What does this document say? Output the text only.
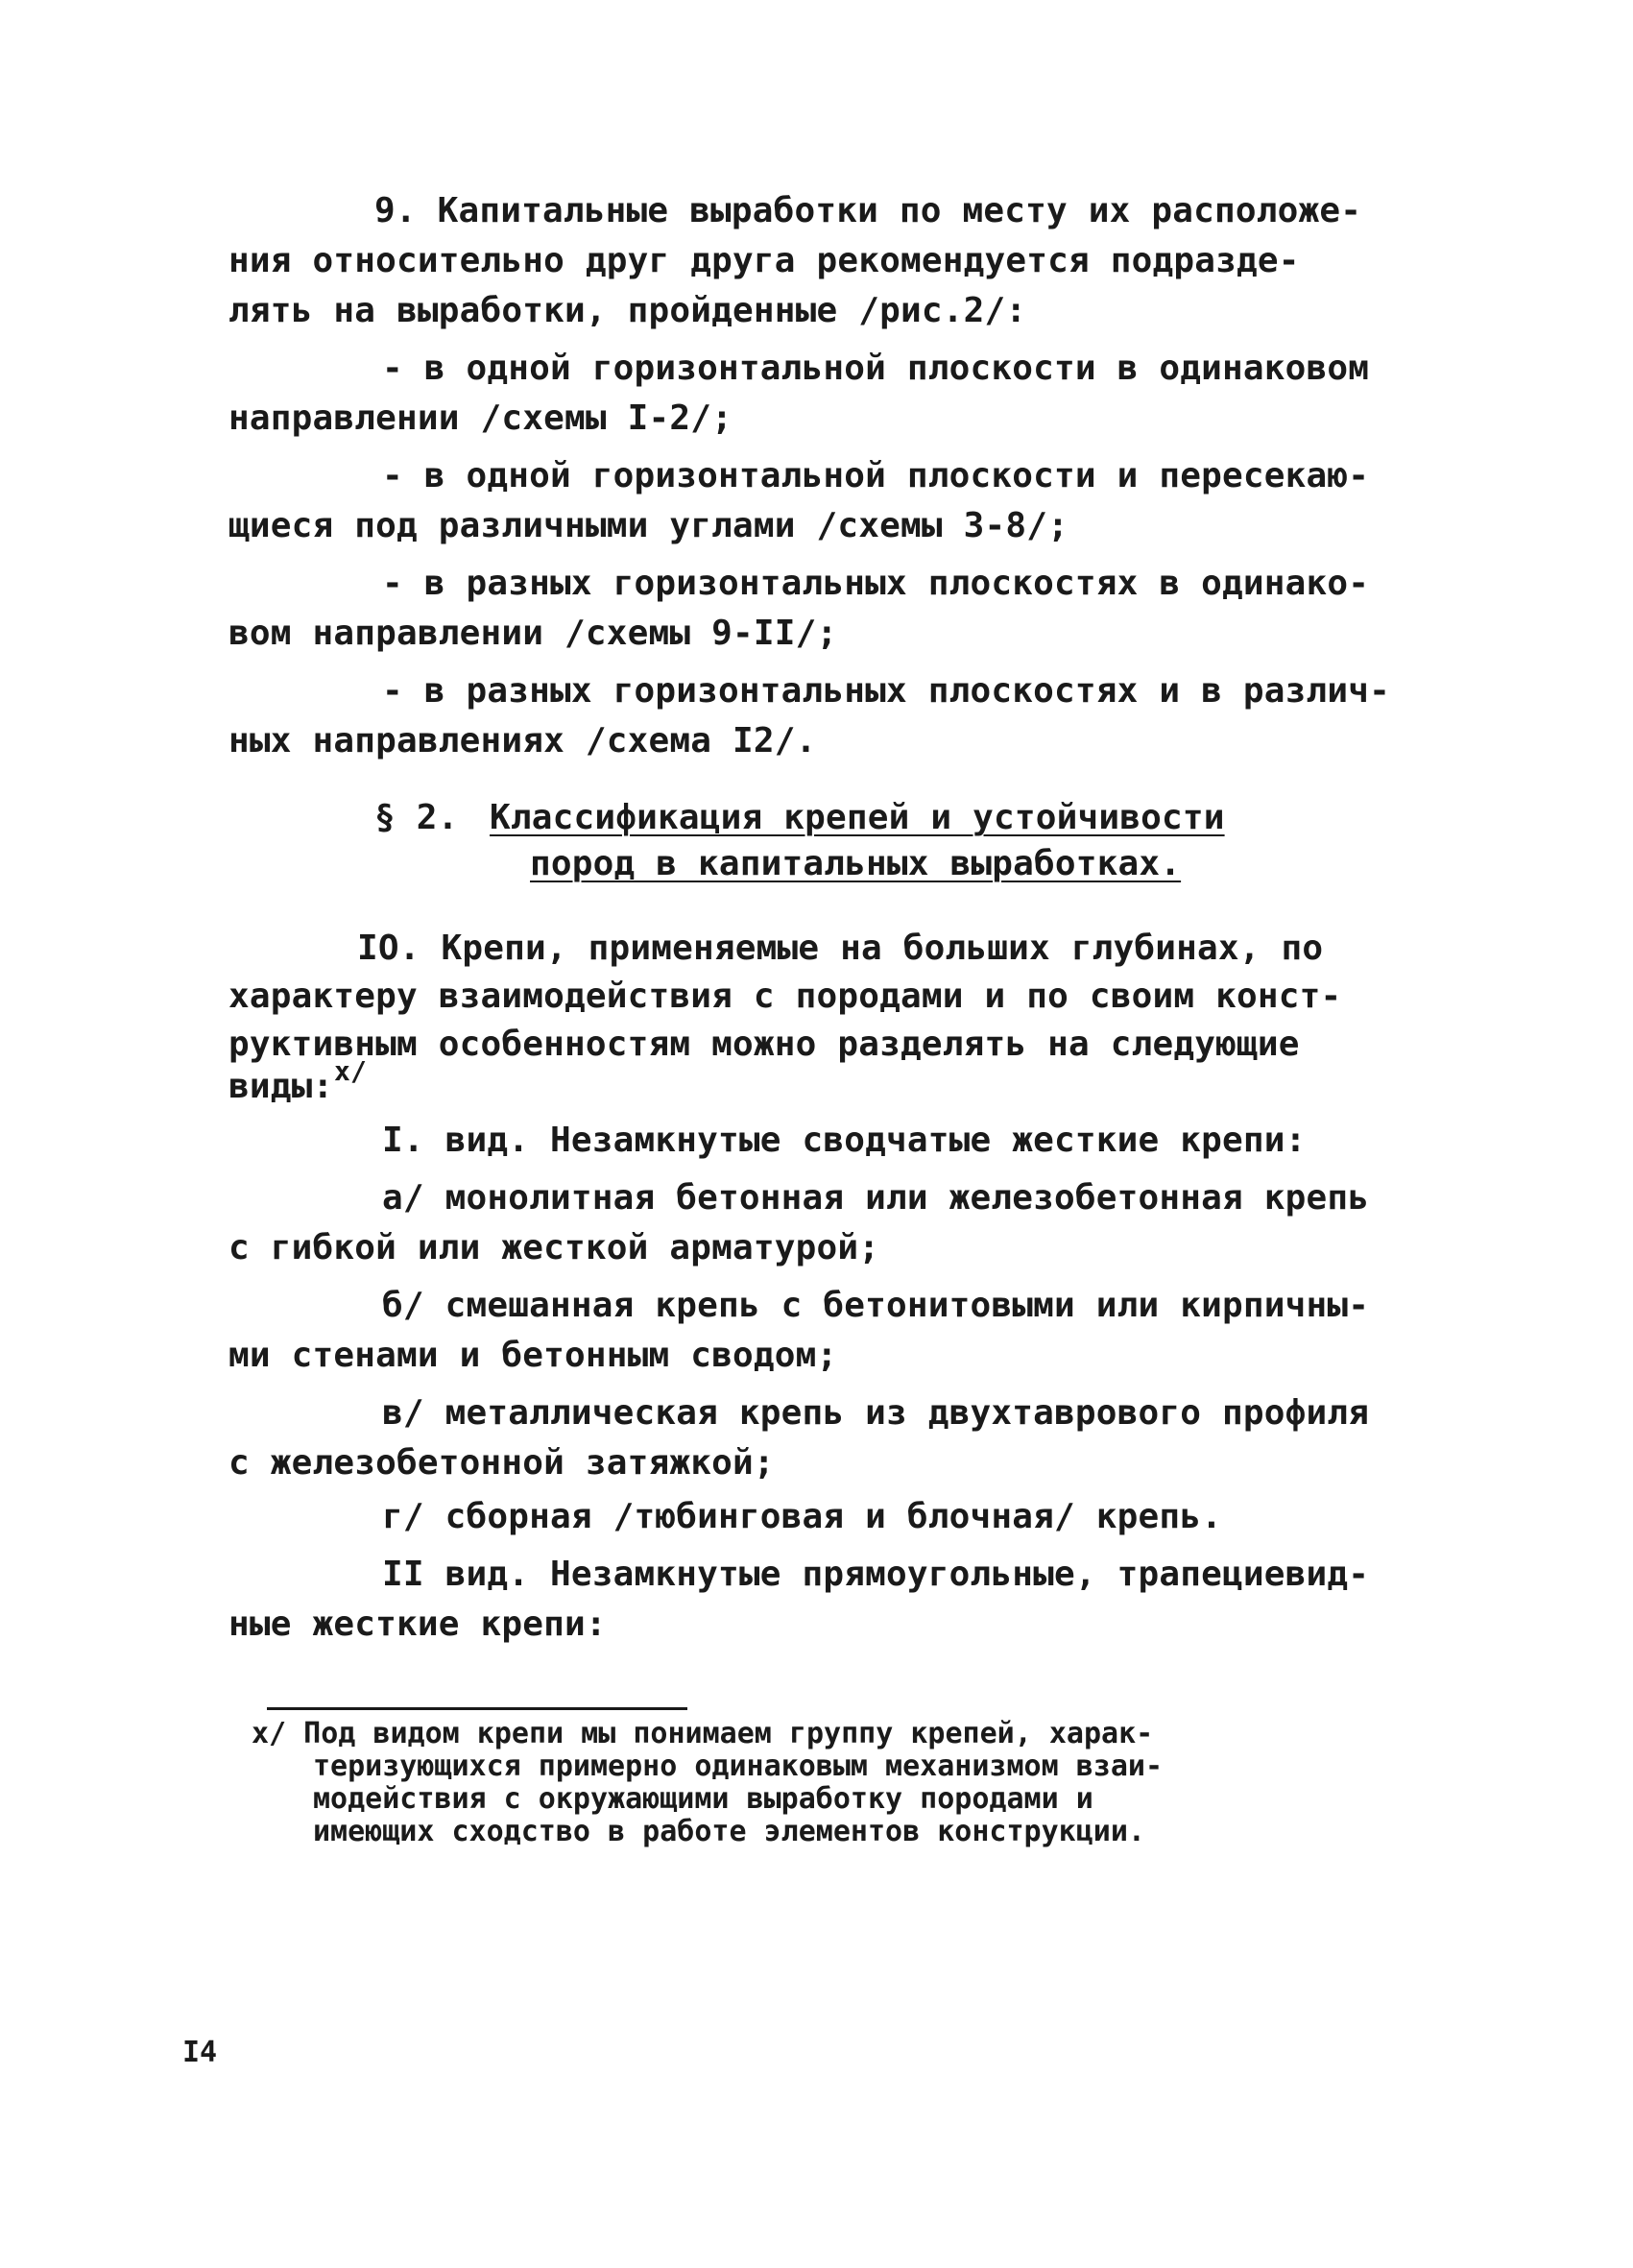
9. Капитальные выработки по месту их расположе-
ния относительно друг друга рекомендуется подразде-
лять на выработки, пройденные /рис.2/:
- в одной горизонтальной плоскости в одинаковом
направлении /схемы I-2/;
- в одной горизонтальной плоскости и пересекаю-
щиеся под различными углами /схемы 3-8/;
- в разных горизонтальных плоскостях в одинако-
вом направлении /схемы 9-II/;
- в разных горизонтальных плоскостях и в различ-
ных направлениях /схема I2/.
§ 2. Классификация крепей и устойчивости
пород в капитальных выработках.
IO. Крепи, применяемые на больших глубинах, по
характеру взаимодействия с породами и по своим конст-
руктивным особенностям можно разделять на следующие
виды: x/
I. вид. Незамкнутые сводчатые жесткие крепи:
а/ монолитная бетонная или железобетонная крепь
с гибкой или жесткой арматурой;
б/ смешанная крепь с бетонитовыми или кирпичны-
ми стенами и бетонным сводом;
в/ металлическая крепь из двухтаврового профиля
с железобетонной затяжкой;
г/ сборная /тюбинговая и блочная/ крепь.
II вид. Незамкнутые прямоугольные, трапециевид-
ные жесткие крепи:
x/ Под видом крепи мы понимаем группу крепей, харак-
теризующихся примерно одинаковым механизмом взаи-
модействия с окружающими выработку породами и
имеющих сходство в работе элементов конструкции.
I4
